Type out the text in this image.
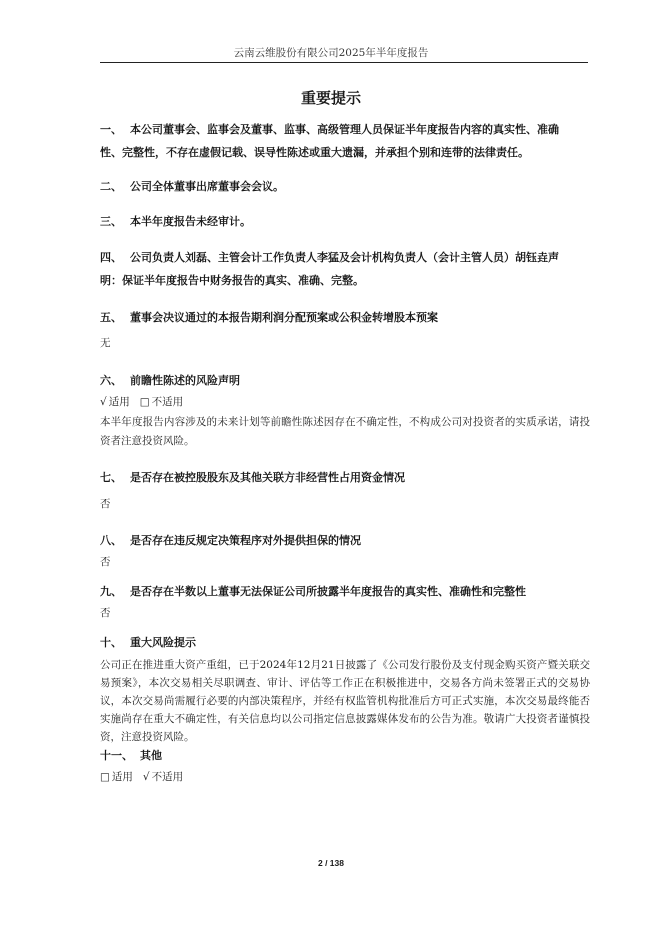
云南云维股份有限公司2025年半年度报告
重要提示
一、 本公司董事会、监事会及董事、监事、高级管理人员保证半年度报告内容的真实性、准确
性、完整性，不存在虚假记载、误导性陈述或重大遗漏，并承担个别和连带的法律责任。
二、 公司全体董事出席董事会会议。
三、 本半年度报告未经审计。
四、 公司负责人刘磊、主管会计工作负责人李猛及会计机构负责人（会计主管人员）胡钰垚声
明：保证半年度报告中财务报告的真实、准确、完整。
五、 董事会决议通过的本报告期利润分配预案或公积金转增股本预案
无
六、 前瞻性陈述的风险声明
√ 适用 □ 不适用
本半年度报告内容涉及的未来计划等前瞻性陈述因存在不确定性，不构成公司对投资者的实质承诺，请投资者注意投资风险。
七、 是否存在被控股股东及其他关联方非经营性占用资金情况
否
八、 是否存在违反规定决策程序对外提供担保的情况
否
九、 是否存在半数以上董事无法保证公司所披露半年度报告的真实性、准确性和完整性
否
十、 重大风险提示
公司正在推进重大资产重组，已于2024年12月21日披露了《公司发行股份及支付现金购买资产暨关联交易预案》，本次交易相关尽职调查、审计、评估等工作正在积极推进中，交易各方尚未签署正式的交易协议，本次交易尚需履行必要的内部决策程序，并经有权监管机构批准后方可正式实施，本次交易最终能否实施尚存在重大不确定性，有关信息均以公司指定信息披露媒体发布的公告为准。敬请广大投资者谨慎投资，注意投资风险。
十一、 其他
□ 适用 √ 不适用
2 / 138
